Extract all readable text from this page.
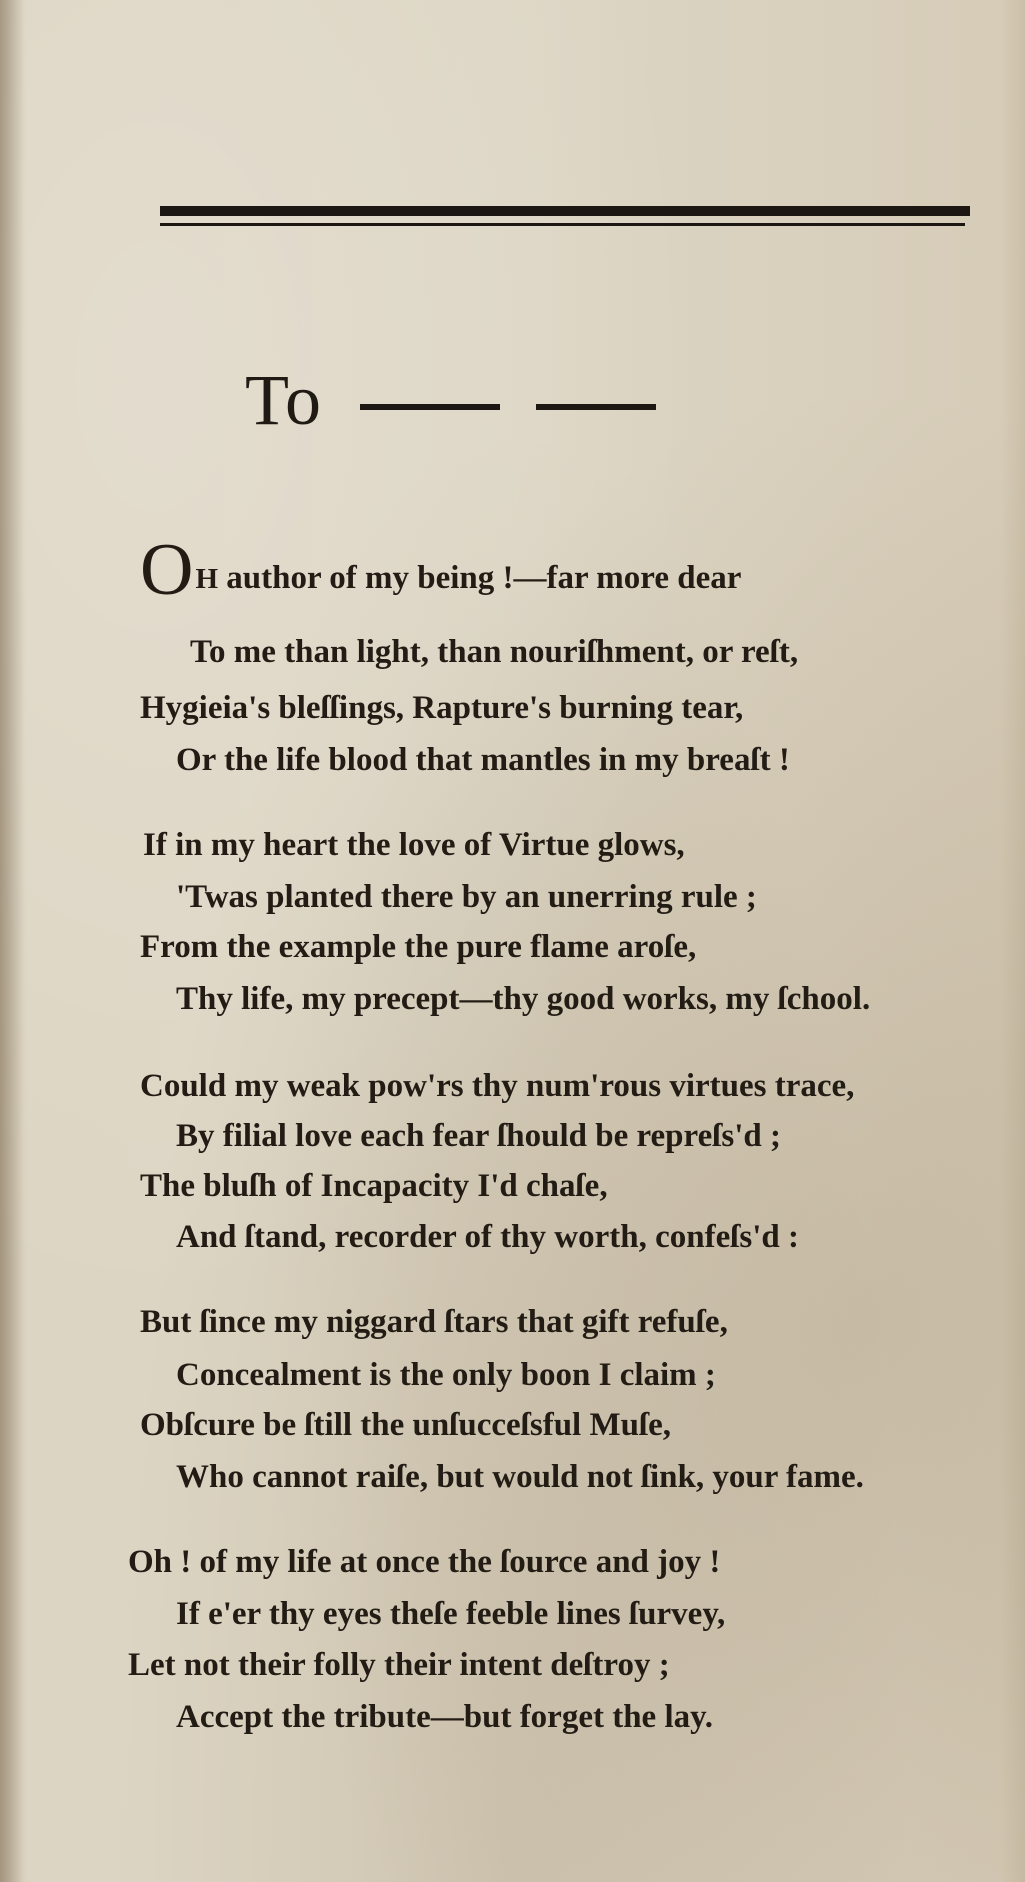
To
OH author of my being !—far more dear
To me than light, than nouriſhment, or reſt,
Hygieia's bleſſings, Rapture's burning tear,
Or the life blood that mantles in my breaſt !
If in my heart the love of Virtue glows,
'Twas planted there by an unerring rule ;
From the example the pure flame aroſe,
Thy life, my precept—thy good works, my ſchool.
Could my weak pow'rs thy num'rous virtues trace,
By filial love each fear ſhould be repreſs'd ;
The bluſh of Incapacity I'd chaſe,
And ſtand, recorder of thy worth, confeſs'd :
But ſince my niggard ſtars that gift refuſe,
Concealment is the only boon I claim ;
Obſcure be ſtill the unſucceſsful Muſe,
Who cannot raiſe, but would not ſink, your fame.
Oh ! of my life at once the ſource and joy !
If e'er thy eyes theſe feeble lines ſurvey,
Let not their folly their intent deſtroy ;
Accept the tribute—but forget the lay.
